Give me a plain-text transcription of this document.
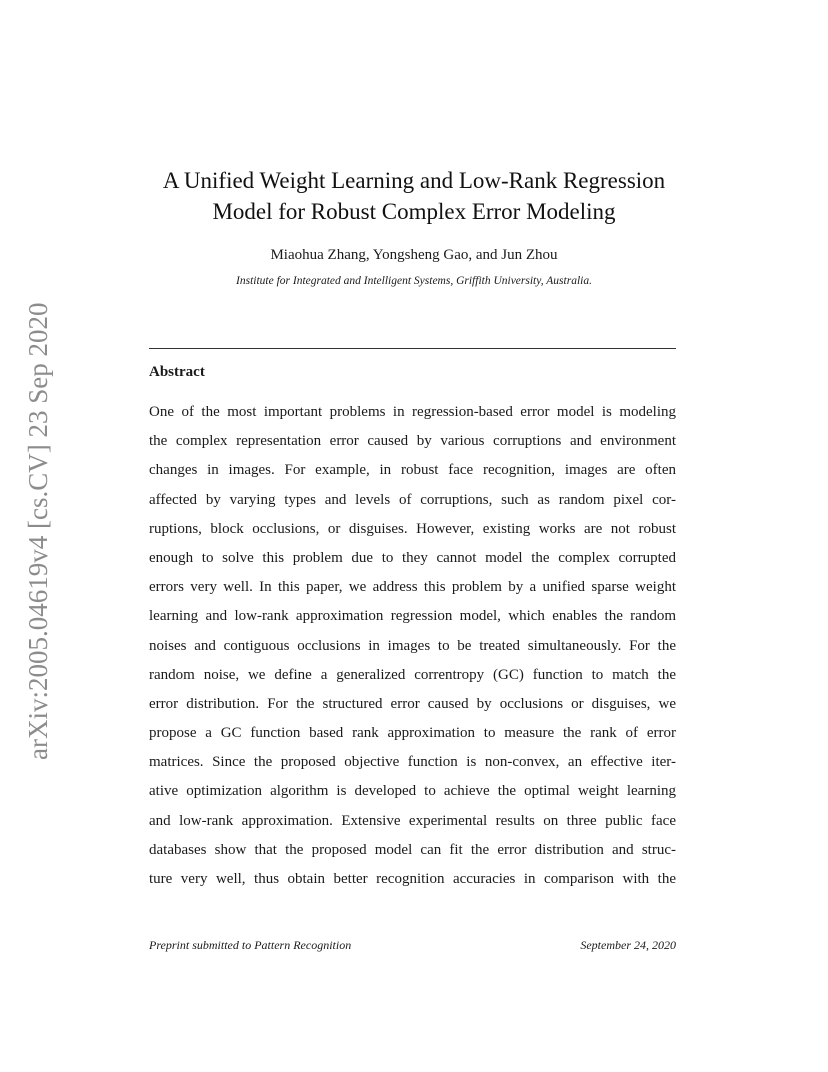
arXiv:2005.04619v4 [cs.CV] 23 Sep 2020
A Unified Weight Learning and Low-Rank Regression
Model for Robust Complex Error Modeling
Miaohua Zhang, Yongsheng Gao, and Jun Zhou
Institute for Integrated and Intelligent Systems, Griffith University, Australia.
Abstract
One of the most important problems in regression-based error model is modeling
the complex representation error caused by various corruptions and environment
changes in images. For example, in robust face recognition, images are often
affected by varying types and levels of corruptions, such as random pixel cor-
ruptions, block occlusions, or disguises. However, existing works are not robust
enough to solve this problem due to they cannot model the complex corrupted
errors very well. In this paper, we address this problem by a unified sparse weight
learning and low-rank approximation regression model, which enables the random
noises and contiguous occlusions in images to be treated simultaneously. For the
random noise, we define a generalized correntropy (GC) function to match the
error distribution. For the structured error caused by occlusions or disguises, we
propose a GC function based rank approximation to measure the rank of error
matrices. Since the proposed objective function is non-convex, an effective iter-
ative optimization algorithm is developed to achieve the optimal weight learning
and low-rank approximation. Extensive experimental results on three public face
databases show that the proposed model can fit the error distribution and struc-
ture very well, thus obtain better recognition accuracies in comparison with the
Preprint submitted to Pattern Recognition	September 24, 2020
